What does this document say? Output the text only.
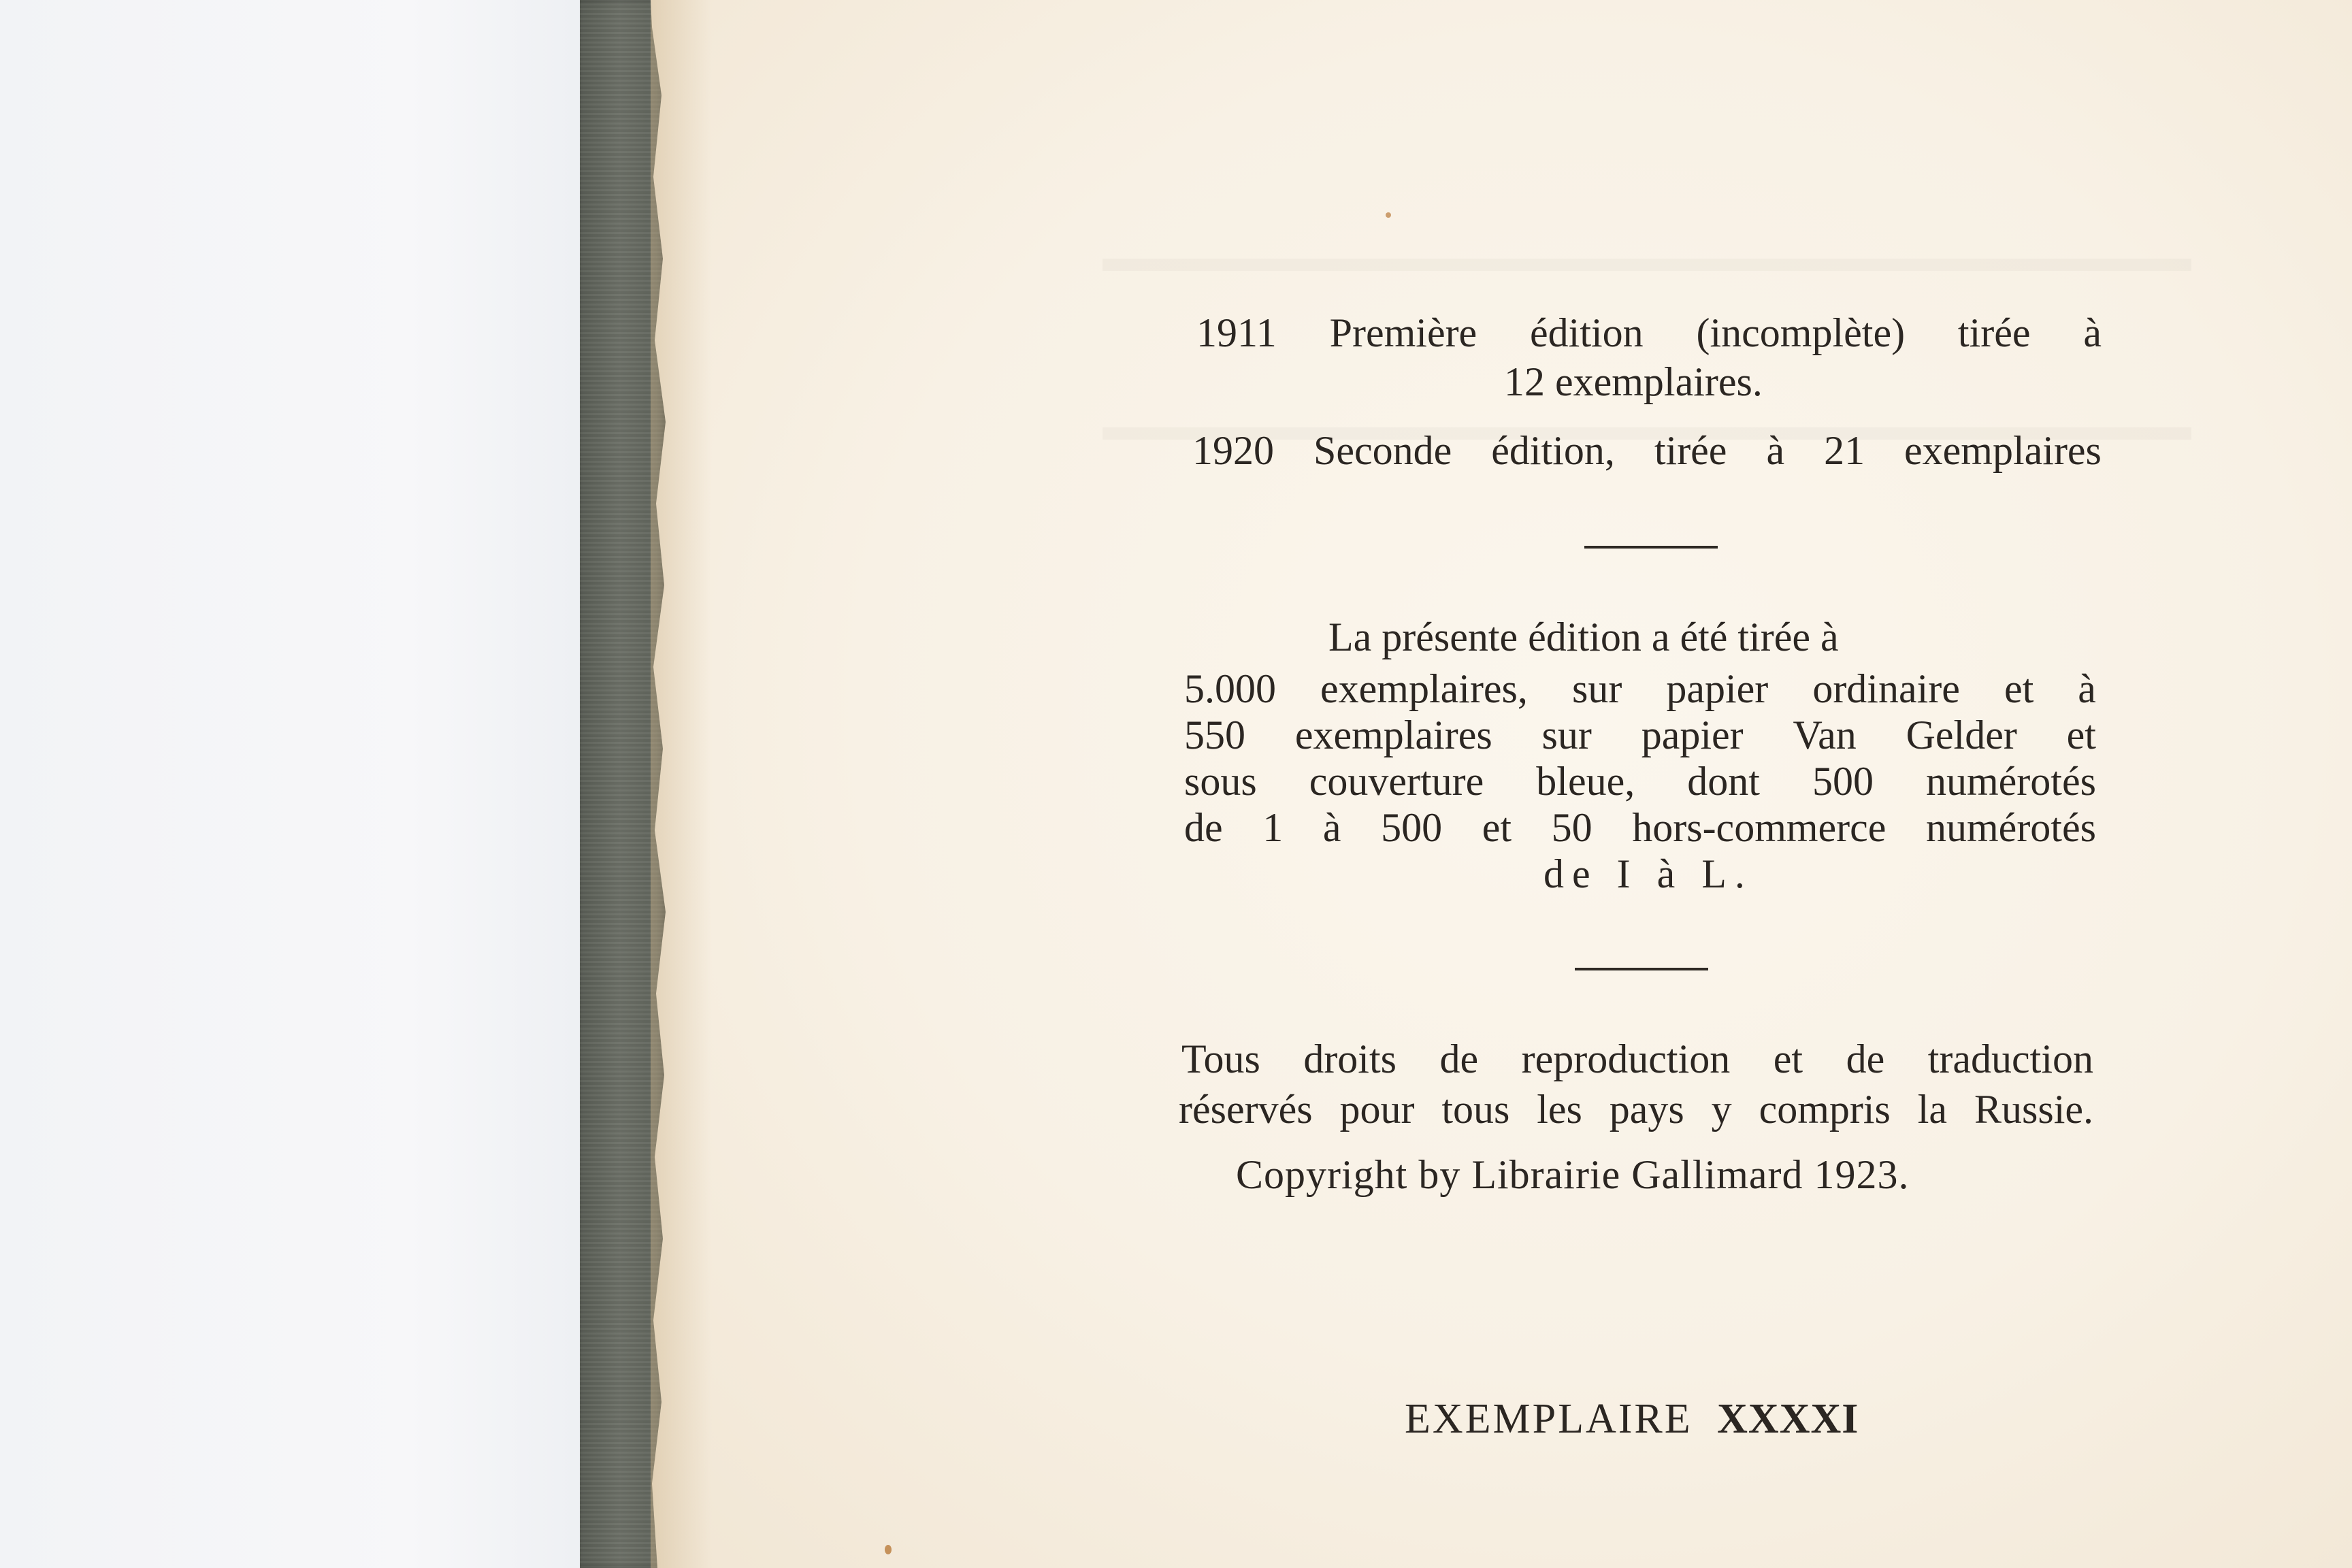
1911 Première édition (incomplète) tirée à
12 exemplaires.
1920 Seconde édition, tirée à 21 exemplaires
La présente édition a été tirée à
5.000 exemplaires, sur papier ordinaire et à
550 exemplaires sur papier Van Gelder et
sous couverture bleue, dont 500 numérotés
de 1 à 500 et 50 hors-commerce numérotés
de I à L.
Tous droits de reproduction et de traduction
réservés pour tous les pays y compris la Russie.
Copyright by Librairie Gallimard 1923.
EXEMPLAIRE XXXXI
